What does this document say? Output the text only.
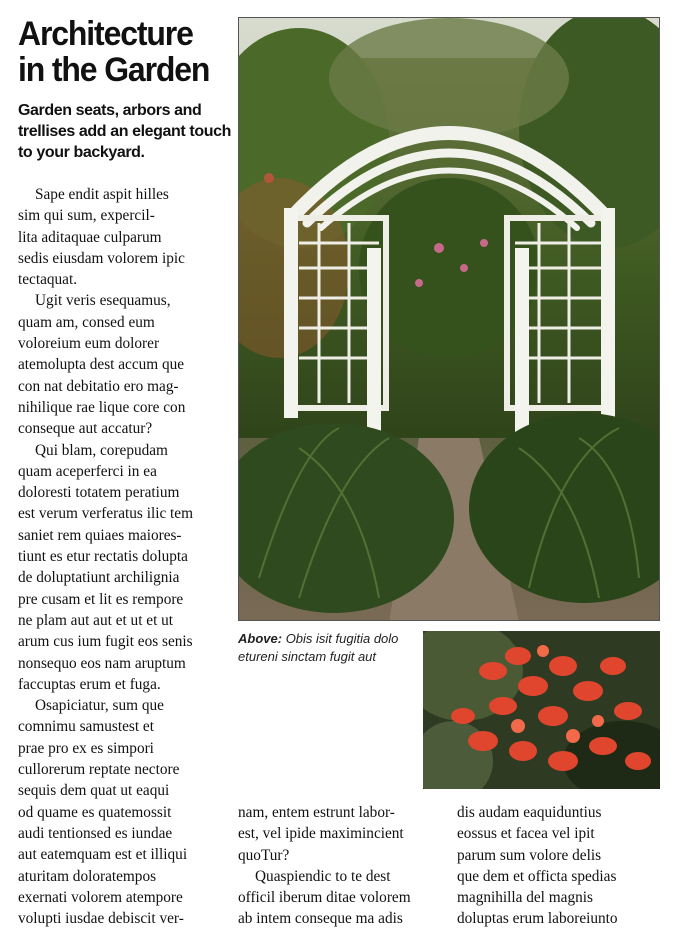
Architecture in the Garden

Garden seats, arbors and trellises add an elegant touch to your backyard.

Sape endit aspit hilles
sim qui sum, expercil-
lita aditaquae culparum
sedis eiusdam volorem ipic
tectaquat.

Ugit veris esequamus,
quam am, consed eum
voloreium eum dolorer
atemolupta dest accum que
con nat debitatio ero mag-
nihilique rae lique core con
conseque aut accatur?

Qui blam, corepudam
quam aceperferci in ea
doloresti totatem peratium
est verum verferatus ilic tem
saniet rem quiaes maiores-
tiunt es etur rectatis dolupta
de doluptatiunt archilignia
pre cusam et lit es rempore
ne plam aut aut et ut et ut
arum cus ium fugit eos senis
nonsequo eos nam aruptum
faccuptas erum et fuga.

Osapiciatur, sum que
comnimu samustest et
prae pro ex es simpori
cullorerum reptate nectore
sequis dem quat ut eaqui
od quame es quatemossit
audi tentionsed es iundae
aut eatemquam est et illiqui
aturitam doloratempos
exernati volorem atempore
volupti iusdae debiscit ver-

Above: Obis isit fugitia dolo etureni sinctam fugit aut

nam, entem estrunt labor-
est, vel ipide maximincient
quoTur?

Quaspiendic to te dest
officil iberum ditae volorem
ab intem conseque ma adis

dis audam eaquiduntius
eossus et facea vel ipit
parum sum volore delis
que dem et officta spedias
magnihilla del magnis
doluptas erum laboreiunto
